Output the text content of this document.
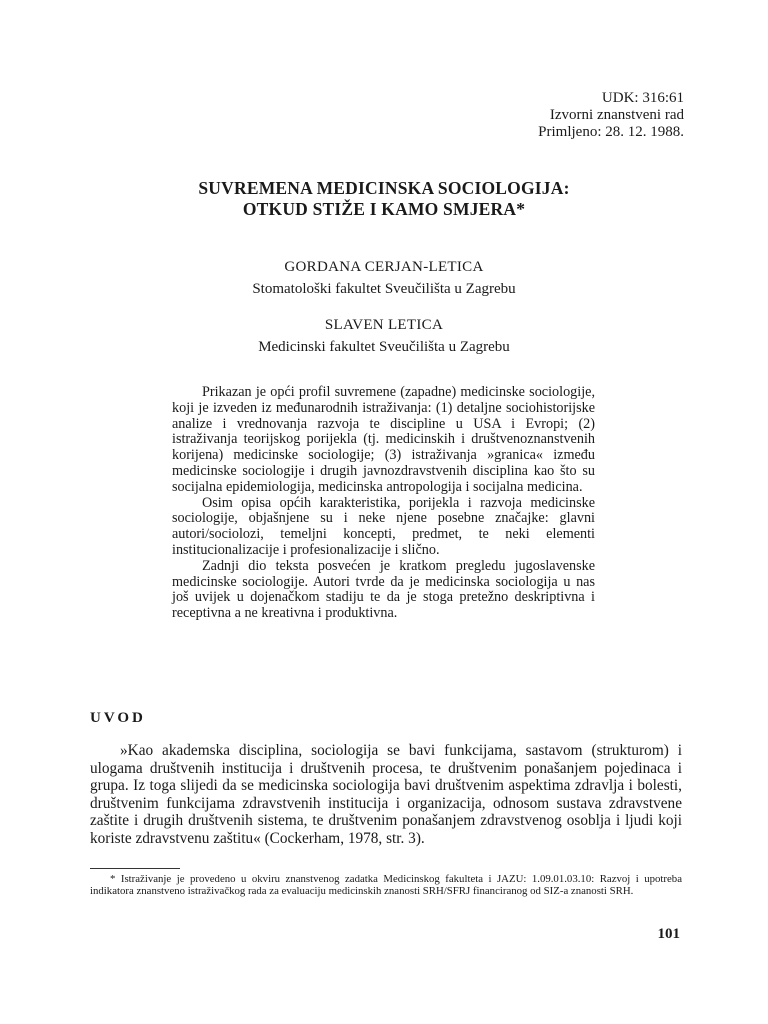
UDK: 316:61
Izvorni znanstveni rad
Primljeno: 28. 12. 1988.
SUVREMENA MEDICINSKA SOCIOLOGIJA:
OTKUD STIŽE I KAMO SMJERA*
GORDANA CERJAN-LETICA
Stomatološki fakultet Sveučilišta u Zagrebu
SLAVEN LETICA
Medicinski fakultet Sveučilišta u Zagrebu

Prikazan je opći profil suvremene (zapadne) medicinske sociologije, koji je izveden iz međunarodnih istraživanja: (1) detaljne sociohistorijske analize i vrednovanja razvoja te discipline u USA i Evropi; (2) istraživanja teorijskog porijekla (tj. medicinskih i društvenoznanstvenih korijena) medicinske sociologije; (3) istraživanja »granica« između medicinske sociologije i drugih javnozdravstvenih disciplina kao što su socijalna epidemiologija, medicinska antropologija i socijalna medicina.

Osim opisa općih karakteristika, porijekla i razvoja medicinske sociologije, objašnjene su i neke njene posebne značajke: glavni autori/sociolozi, temeljni koncepti, predmet, te neki elementi institucionalizacije i profesionalizacije i slično.

Zadnji dio teksta posvećen je kratkom pregledu jugoslavenske medicinske sociologije. Autori tvrde da je medicinska sociologija u nas još uvijek u dojenačkom stadiju te da je stoga pretežno deskriptivna i receptivna a ne kreativna i produktivna.

UVOD

»Kao akademska disciplina, sociologija se bavi funkcijama, sastavom (strukturom) i ulogama društvenih institucija i društvenih procesa, te društvenim ponašanjem pojedinaca i grupa. Iz toga slijedi da se medicinska sociologija bavi društvenim aspektima zdravlja i bolesti, društvenim funkcijama zdravstvenih institucija i organizacija, odnosom sustava zdravstvene zaštite i drugih društvenih sistema, te društvenim ponašanjem zdravstvenog osoblja i ljudi koji koriste zdravstvenu zaštitu« (Cockerham, 1978, str. 3).

* Istraživanje je provedeno u okviru znanstvenog zadatka Medicinskog fakulteta i JAZU: 1.09.01.03.10: Razvoj i upotreba indikatora znanstveno istraživačkog rada za evaluaciju medicinskih znanosti SRH/SFRJ financiranog od SIZ-a znanosti SRH.

101
